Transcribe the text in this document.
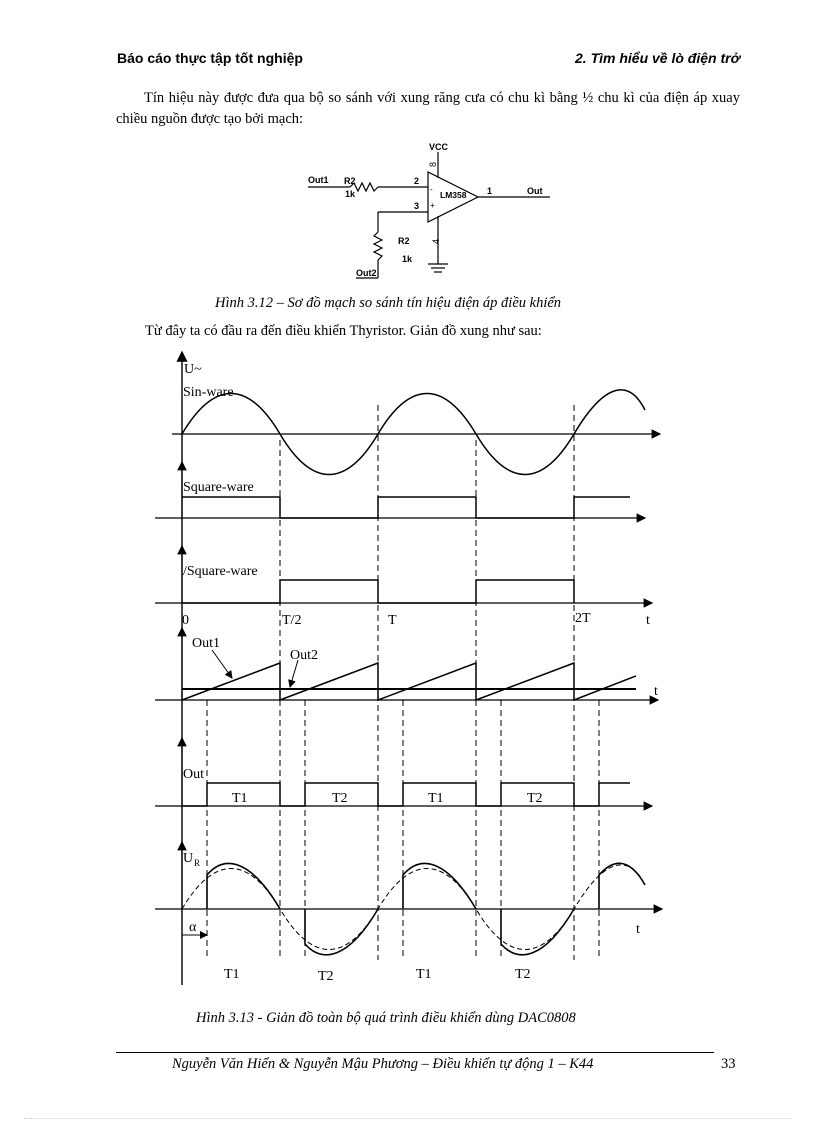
Báo cáo thực tập tốt nghiệp	2. Tìm hiểu về lò điện trở
Tín hiệu này được đưa qua bộ so sánh với xung răng cưa có chu kì bằng ½ chu kì của điện áp xuay chiều nguồn được tạo bởi mạch:
VCC
8
Out1 R2
1k
2
3
-
+
LM358 1	Out
R2
1k
4
Out2
Hình 3.12 – Sơ đồ mạch so sánh tín hiệu điện áp điều khiển
Từ đây ta có đầu ra đến điều khiển Thyristor. Giản đồ xung như sau:
U~
Sin-ware
Square-ware
/Square-ware
0	T/2	T	2T	t
Out1
Out2
t
Out
T1	T2	T1	T2
U R
α	t
T1	T2	T1	T2
Hình 3.13 - Giản đồ toàn bộ quá trình điều khiển dùng DAC0808
Nguyễn Văn Hiển & Nguyễn Mậu Phương – Điều khiển tự động 1 – K44	33
